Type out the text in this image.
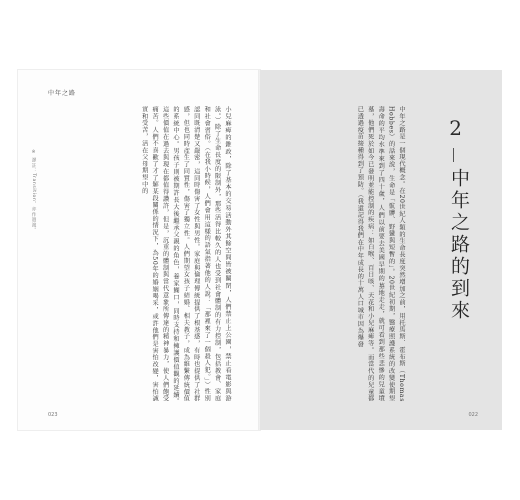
中年之路
※ 譯註：Transition，亦作過渡。	小兒麻痺的錐政，除了基本的交易活動外其餘空間皆被關閉，人們禁止上公園，禁止看電影與游泳。）除了生命長度的限制外，那些活得比較久的人也受到社會體制的有力控制，包括教會、家庭和社會習俗。（在我小時候，人們會用這樣的語氣指著他的人說：「那裡來了一個殺人犯。」）性別認同既清楚又嚴密，這同時傷害了女性與男性。家庭與倫理傳統提供了根基感，有時也提供了社群感，但也同時產生了同質性，傷害了獨立性。人們期望女孩子結婚、相夫教子，成為維繫傳統價值的系統中心。男孩子則被期許長大後繼承父親的角色，養家餬口，同時支持和擁護價值觀的延續。　這些價值在過去與現在都值得讚許，但是，沉重的體制與當代意象所傳達的精神暴力，使人們飽受痛苦。人們不喜歡了才了解某段關係的情況下，為50年的婚姻喝采，或許他們是害怕改變，害怕誠實和受苦，活在父母期望中的
023
2
中年之路的到來
中年之路是一個現代概念。在20世紀人類的生命長度突然增加之前，用托馬斯．霍布斯（Thomas Hobbes）的話來說，生命是「骯髒、野蠻與短暫的」。20世紀初期，醫療照護系統的改變使期望壽命的平均水準來到了四十歲，人們以前要去美國早期的墓地走走，就可看到那些悲慘的兒童墳墓，他們死於如今已發明並能控制的疾病：如白喉、百日咳、天花和小兒麻痺等。而當代的兒童都已透過疫苗接種得到了預防。（我還記得我們在中年成長的十萬人口城市因為爆發
022
